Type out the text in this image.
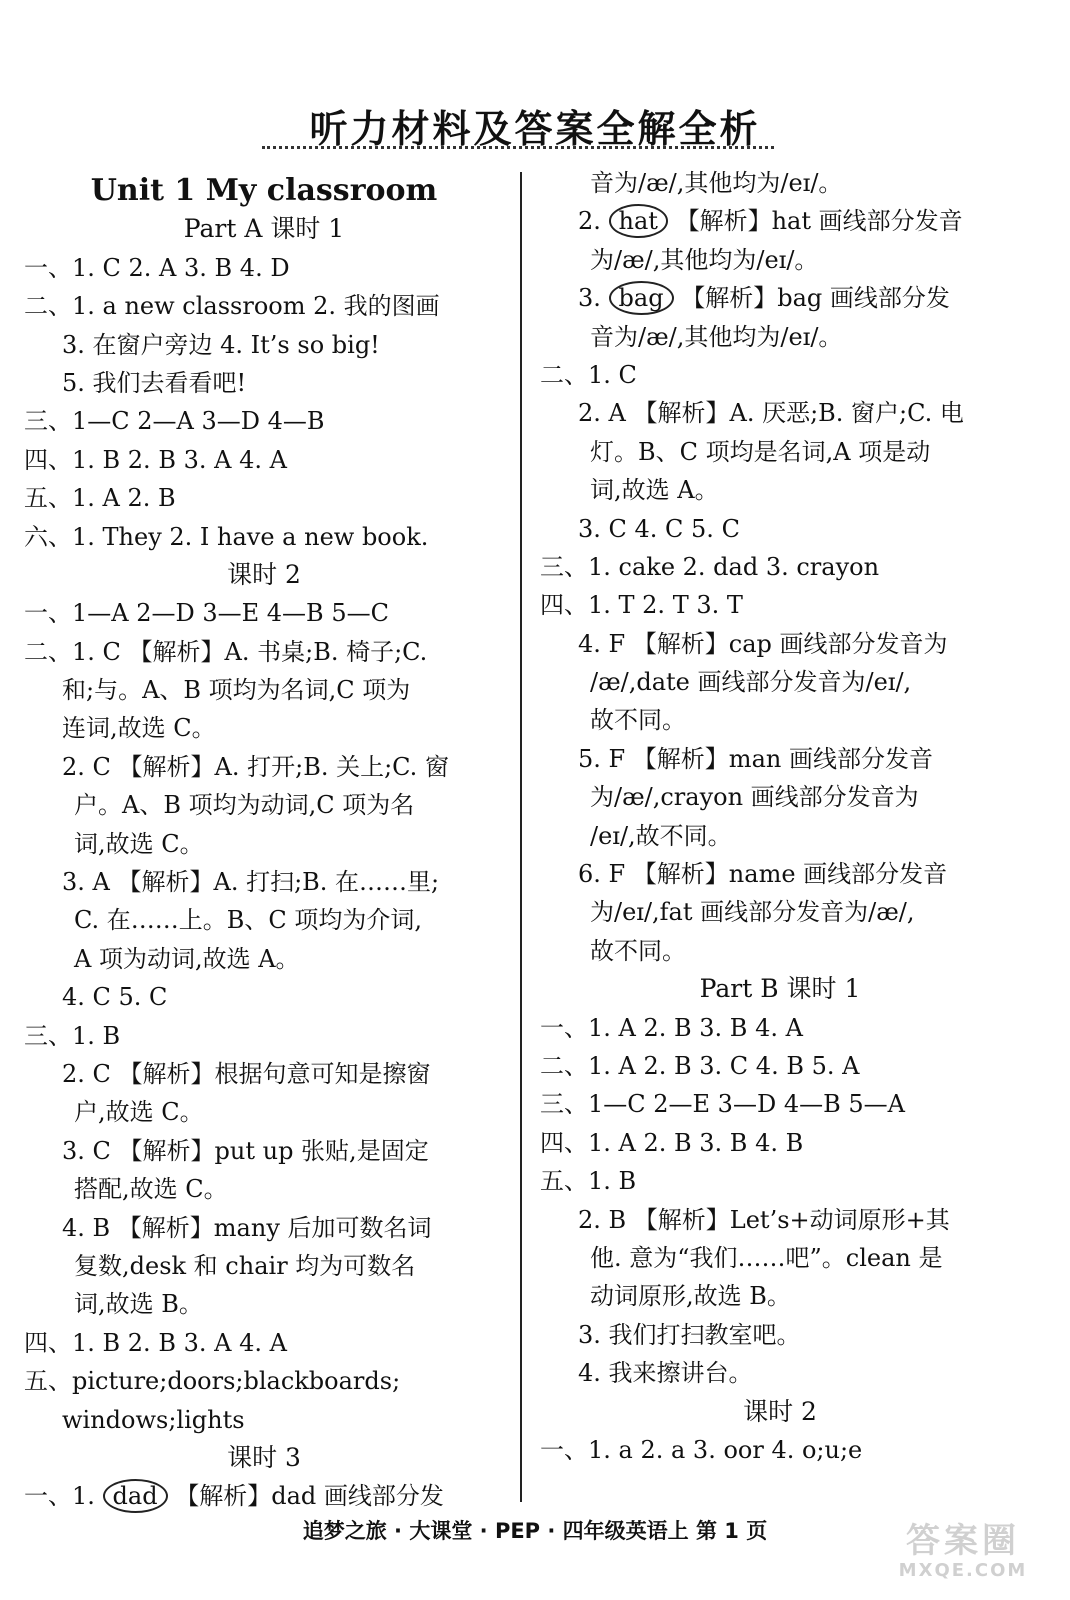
听力材料及答案全解全析
Unit 1 My classroom
Part A 课时 1
一、1. C 2. A 3. B 4. D
二、1. a new classroom 2. 我的图画
3. 在窗户旁边 4. It’s so big!
5. 我们去看看吧!
三、1—C 2—A 3—D 4—B
四、1. B 2. B 3. A 4. A
五、1. A 2. B
六、1. They 2. I have a new book.
课时 2
一、1—A 2—D 3—E 4—B 5—C
二、1. C 【解析】A. 书桌;B. 椅子;C.
和;与。A、B 项均为名词,C 项为
连词,故选 C。
2. C 【解析】A. 打开;B. 关上;C. 窗
户。A、B 项均为动词,C 项为名
词,故选 C。
3. A 【解析】A. 打扫;B. 在……里;
C. 在……上。B、C 项均为介词,
A 项为动词,故选 A。
4. C 5. C
三、1. B
2. C 【解析】根据句意可知是擦窗
户,故选 C。
3. C 【解析】put up 张贴,是固定
搭配,故选 C。
4. B 【解析】many 后加可数名词
复数,desk 和 chair 均为可数名
词,故选 B。
四、1. B 2. B 3. A 4. A
五、picture;doors;blackboards;
windows;lights
课时 3
一、1. dad 【解析】dad 画线部分发
音为/æ/,其他均为/eɪ/。
2. hat 【解析】hat 画线部分发音
为/æ/,其他均为/eɪ/。
3. bag 【解析】bag 画线部分发
音为/æ/,其他均为/eɪ/。
二、1. C
2. A 【解析】A. 厌恶;B. 窗户;C. 电
灯。B、C 项均是名词,A 项是动
词,故选 A。
3. C 4. C 5. C
三、1. cake 2. dad 3. crayon
四、1. T 2. T 3. T
4. F 【解析】cap 画线部分发音为
/æ/,date 画线部分发音为/eɪ/,
故不同。
5. F 【解析】man 画线部分发音
为/æ/,crayon 画线部分发音为
/eɪ/,故不同。
6. F 【解析】name 画线部分发音
为/eɪ/,fat 画线部分发音为/æ/,
故不同。
Part B 课时 1
一、1. A 2. B 3. B 4. A
二、1. A 2. B 3. C 4. B 5. A
三、1—C 2—E 3—D 4—B 5—A
四、1. A 2. B 3. B 4. B
五、1. B
2. B 【解析】Let’s+动词原形+其
他. 意为“我们……吧”。clean 是
动词原形,故选 B。
3. 我们打扫教室吧。
4. 我来擦讲台。
课时 2
一、1. a 2. a 3. oor 4. o;u;e
追梦之旅 · 大课堂 · PEP · 四年级英语上 第 1 页	答案圈
MXQE.COM
